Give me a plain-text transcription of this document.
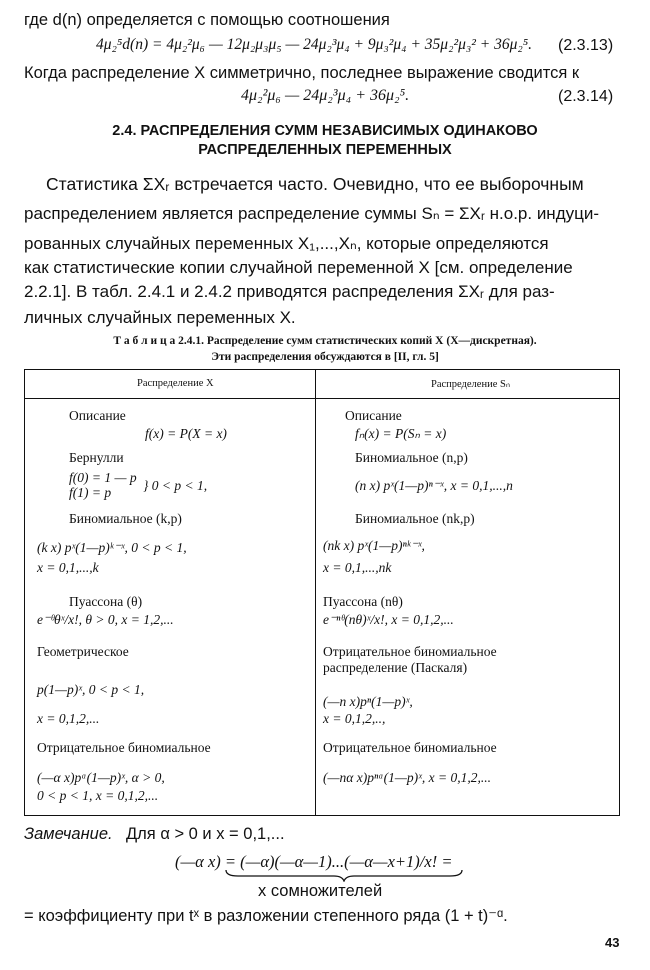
где d(n) определяется с помощью соотношения
4μ₂⁵d(n) = 4μ₂²μ₆ — 12μ₂μ₃μ₅ — 24μ₂³μ₄ + 9μ₃²μ₄ + 35μ₂²μ₃² + 36μ₂⁵. (2.3.13)
Когда распределение X симметрично, последнее выражение сводится к
4μ₂²μ₆ — 24μ₂³μ₄ + 36μ₂⁵.	(2.3.14)
2.4. РАСПРЕДЕЛЕНИЯ СУММ НЕЗАВИСИМЫХ ОДИНАКОВО
РАСПРЕДЕЛЕННЫХ ПЕРЕМЕННЫХ
Статистика ΣXᵣ встречается часто. Очевидно, что ее выборочным
распределением является распределение суммы Sₙ = ΣXᵣ н.о.р. индуци-
рованных случайных переменных X₁,...,Xₙ, которые определяются
как статистические копии случайной переменной X [см. определение
2.2.1]. В табл. 2.4.1 и 2.4.2 приводятся распределения ΣXᵣ для раз-
личных случайных переменных X.
Т а б л и ц а 2.4.1. Распределение сумм статистических копий X (X—дискретная).
Эти распределения обсуждаются в [II, гл. 5]
Распределение X	Распределение Sₙ
Описание
f(x) = P(X = x)
Бернулли
f(0) = 1 — p
f(1) = p } 0 < p < 1,
Биномиальное (k,p)
(k x) pˣ(1—p)ᵏ⁻ˣ, 0 < p < 1,
x = 0,1,...,k
Пуассона (θ)
e⁻ᶿθˣ/x!, θ > 0, x = 1,2,...
Геометрическое
p(1—p)ˣ, 0 < p < 1,
x = 0,1,2,...
Отрицательное биномиальное
(—α x)pᵅ(1—p)ˣ, α > 0,
0 < p < 1, x = 0,1,2,...
Описание
fₙ(x) = P(Sₙ = x)
Биномиальное (n,p)
(n x) pˣ(1—p)ⁿ⁻ˣ, x = 0,1,...,n
Биномиальное (nk,p)
(nk x) pˣ(1—p)ⁿᵏ⁻ˣ,
x = 0,1,...,nk
Пуассона (nθ)
e⁻ⁿᶿ(nθ)ˣ/x!, x = 0,1,2,...
Отрицательное биномиальное
распределение (Паскаля)
(—n x)pⁿ(1—p)ˣ,
x = 0,1,2,..,
Отрицательное биномиальное
(—nα x)pⁿᵅ(1—p)ˣ, x = 0,1,2,...
Замечание. Для α > 0 и x = 0,1,...
(—α x) = (—α)(—α—1)...(—α—x+1)/x! =
x сомножителей
= коэффициенту при tˣ в разложении степенного ряда (1 + t)⁻ᵅ.
43
